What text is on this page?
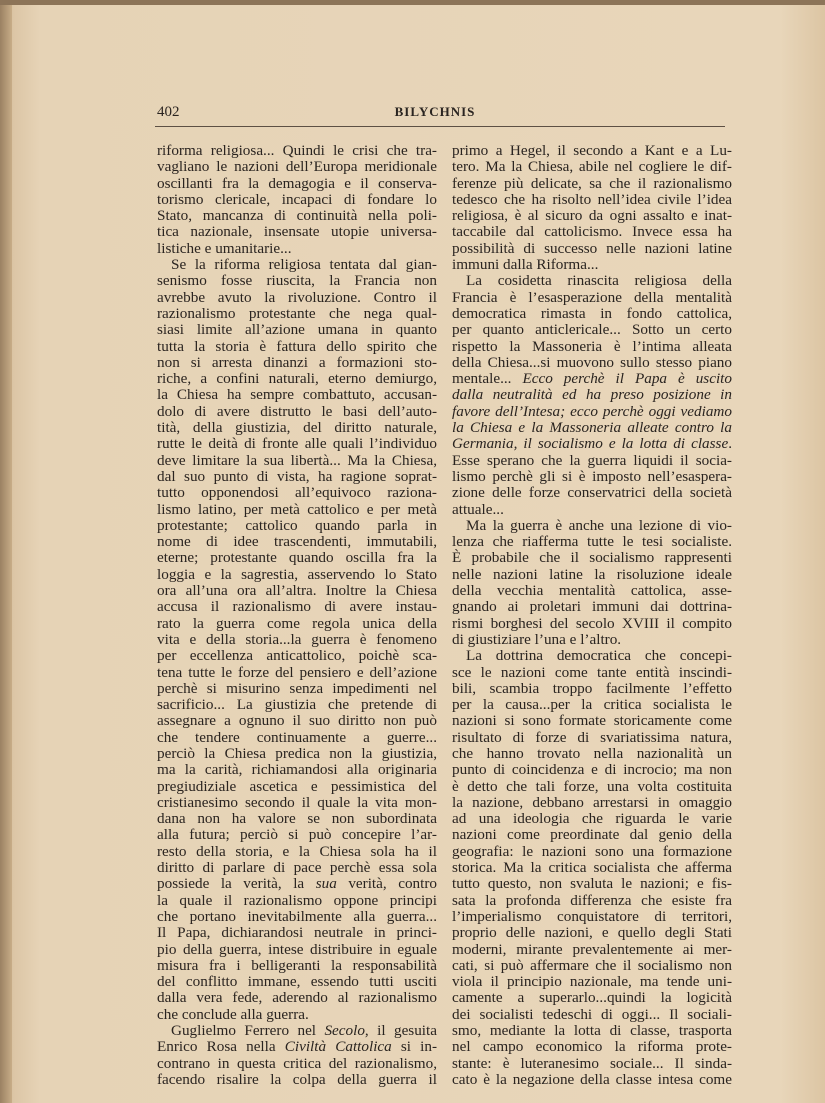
402	BILYCHNIS
riforma religiosa... Quindi le crisi che tra-
vagliano le nazioni dell’Europa meridionale
oscillanti fra la demagogia e il conserva-
torismo clericale, incapaci di fondare lo
Stato, mancanza di continuità nella poli-
tica nazionale, insensate utopie universa-
listiche e umanitarie...
Se la riforma religiosa tentata dal gian-
senismo fosse riuscita, la Francia non
avrebbe avuto la rivoluzione. Contro il
razionalismo protestante che nega qual-
siasi limite all’azione umana in quanto
tutta la storia è fattura dello spirito che
non si arresta dinanzi a formazioni sto-
riche, a confini naturali, eterno demiurgo,
la Chiesa ha sempre combattuto, accusan-
dolo di avere distrutto le basi dell’auto-
tità, della giustizia, del diritto naturale,
rutte le deità di fronte alle quali l’individuo
deve limitare la sua libertà... Ma la Chiesa,
dal suo punto di vista, ha ragione soprat-
tutto opponendosi all’equivoco raziona-
lismo latino, per metà cattolico e per metà
protestante; cattolico quando parla in
nome di idee trascendenti, immutabili,
eterne; protestante quando oscilla fra la
loggia e la sagrestia, asservendo lo Stato
ora all’una ora all’altra. Inoltre la Chiesa
accusa il razionalismo di avere instau-
rato la guerra come regola unica della
vita e della storia...la guerra è fenomeno
per eccellenza anticattolico, poichè sca-
tena tutte le forze del pensiero e dell’azione
perchè si misurino senza impedimenti nel
sacrificio... La giustizia che pretende di
assegnare a ognuno il suo diritto non può
che tendere continuamente a guerre...
perciò la Chiesa predica non la giustizia,
ma la carità, richiamandosi alla originaria
pregiudiziale ascetica e pessimistica del
cristianesimo secondo il quale la vita mon-
dana non ha valore se non subordinata
alla futura; perciò si può concepire l’ar-
resto della storia, e la Chiesa sola ha il
diritto di parlare di pace perchè essa sola
possiede la verità, la sua verità, contro
la quale il razionalismo oppone principi
che portano inevitabilmente alla guerra...
Il Papa, dichiarandosi neutrale in princi-
pio della guerra, intese distribuire in eguale
misura fra i belligeranti la responsabilità
del conflitto immane, essendo tutti usciti
dalla vera fede, aderendo al razionalismo
che conclude alla guerra.
Guglielmo Ferrero nel Secolo, il gesuita
Enrico Rosa nella Civiltà Cattolica si in-
contrano in questa critica del razionalismo,
facendo risalire la colpa della guerra il
primo a Hegel, il secondo a Kant e a Lu-
tero. Ma la Chiesa, abile nel cogliere le dif-
ferenze più delicate, sa che il razionalismo
tedesco che ha risolto nell’idea civile l’idea
religiosa, è al sicuro da ogni assalto e inat-
taccabile dal cattolicismo. Invece essa ha
possibilità di successo nelle nazioni latine
immuni dalla Riforma...
La cosidetta rinascita religiosa della
Francia è l’esasperazione della mentalità
democratica rimasta in fondo cattolica,
per quanto anticlericale... Sotto un certo
rispetto la Massoneria è l’intima alleata
della Chiesa...si muovono sullo stesso piano
mentale... Ecco perchè il Papa è uscito
dalla neutralità ed ha preso posizione in
favore dell’Intesa; ecco perchè oggi vediamo
la Chiesa e la Massoneria alleate contro la
Germania, il socialismo e la lotta di classe.
Esse sperano che la guerra liquidi il socia-
lismo perchè gli si è imposto nell’esaspera-
zione delle forze conservatrici della società
attuale...
Ma la guerra è anche una lezione di vio-
lenza che riafferma tutte le tesi socialiste.
È probabile che il socialismo rappresenti
nelle nazioni latine la risoluzione ideale
della vecchia mentalità cattolica, asse-
gnando ai proletari immuni dai dottrina-
rismi borghesi del secolo XVIII il compito
di giustiziare l’una e l’altro.
La dottrina democratica che concepi-
sce le nazioni come tante entità inscindi-
bili, scambia troppo facilmente l’effetto
per la causa...per la critica socialista le
nazioni si sono formate storicamente come
risultato di forze di svariatissima natura,
che hanno trovato nella nazionalità un
punto di coincidenza e di incrocio; ma non
è detto che tali forze, una volta costituita
la nazione, debbano arrestarsi in omaggio
ad una ideologia che riguarda le varie
nazioni come preordinate dal genio della
geografia: le nazioni sono una formazione
storica. Ma la critica socialista che afferma
tutto questo, non svaluta le nazioni; e fis-
sata la profonda differenza che esiste fra
l’imperialismo conquistatore di territori,
proprio delle nazioni, e quello degli Stati
moderni, mirante prevalentemente ai mer-
cati, si può affermare che il socialismo non
viola il principio nazionale, ma tende uni-
camente a superarlo...quindi la logicità
dei socialisti tedeschi di oggi... Il sociali-
smo, mediante la lotta di classe, trasporta
nel campo economico la riforma prote-
stante: è luteranesimo sociale... Il sinda-
cato è la negazione della classe intesa come
